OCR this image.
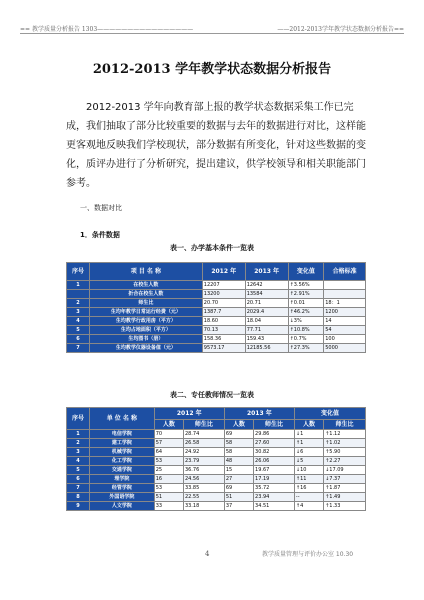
== 教学质量分析报告 1303————————————————	——2012-2013学年教学状态数据分析报告==
2012-2013 学年教学状态数据分析报告
2012-2013 学年向教育部上报的教学状态数据采集工作已完成，我们抽取了部分比较重要的数据与去年的数据进行对比，这样能更客观地反映我们学校现状，部分数据有所变化，针对这些数据的变化，质评办进行了分析研究，提出建议，供学校领导和相关职能部门参考。
一、数据对比
1．条件数据
表一、办学基本条件一览表
序号	项 目 名 称	2012 年	2013 年	变化值	合格标准
1	在校生人数	12207	12642	↑3.56%	
	折合在校生人数	13200	13584	↑2.91%	
2	师生比	20.70	20.71	↑0.01	18：1
3	生均年教学日常运行经费（元）	1387.7	2029.4	↑46.2%	1200
4	生均教学行政用房（平方）	18.60	18.04	↓3%	14
5	生均占地面积（平方）	70.13	77.71	↑10.8%	54
6	生均图书（册）	158.36	159.43	↑0.7%	100
7	生均教学仪器设备值（元）	9573.17	12185.56	↑27.3%	5000
表二、专任教师情况一览表
序号	单 位 名 称	2012 年		2013 年		变化值	
		人数	师生比	人数	师生比	人数	师生比
1	电信学院	70	28.74	69	29.86	↓1	↑1.12
2	建工学院	57	26.58	58	27.60	↑1	↑1.02
3	机械学院	64	24.92	58	30.82	↓6	↑5.90
4	化工学院	53	23.79	48	26.06	↓5	↑2.27
5	交通学院	25	36.76	15	19.67	↓10	↓17.09
6	理学院	16	24.56	27	17.19	↑11	↓7.37
7	经管学院	53	33.85	69	35.72	↑16	↑1.87
8	外国语学院	51	22.55	51	23.94	--	↑1.49
9	人文学院	33	33.18	37	34.51	↑4	↑1.33
4	教学质量管理与评价办公室 10.30
